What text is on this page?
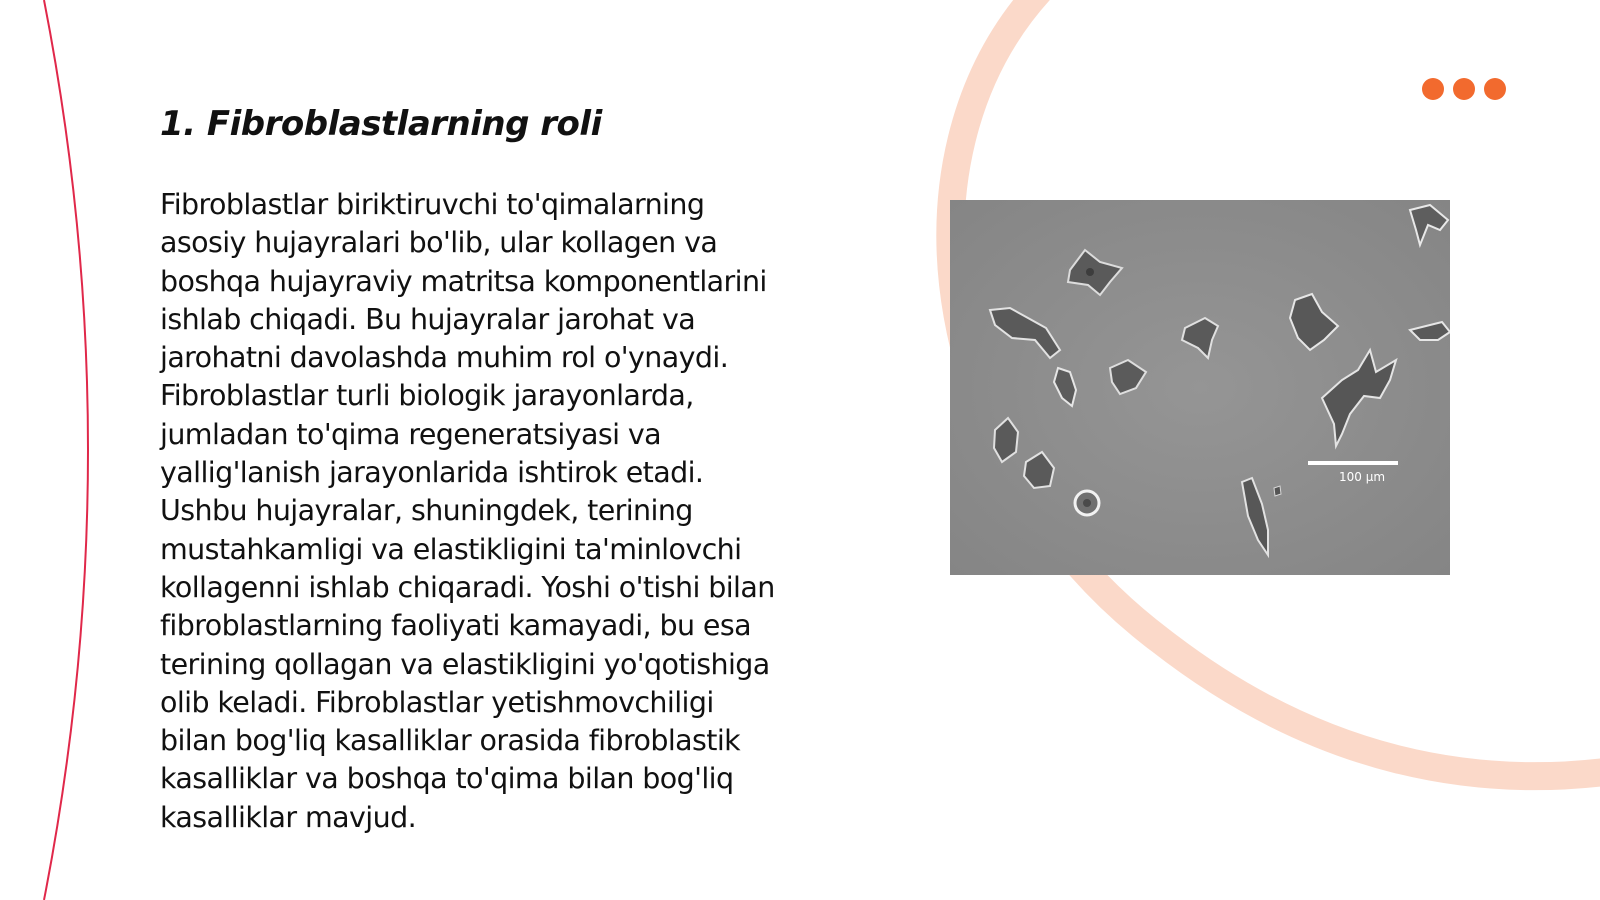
1. Fibroblastlarning roli
Fibroblastlar biriktiruvchi to'qimalarning
asosiy hujayralari bo'lib, ular kollagen va
boshqa hujayraviy matritsa komponentlarini
ishlab chiqadi. Bu hujayralar jarohat va
jarohatni davolashda muhim rol o'ynaydi.
Fibroblastlar turli biologik jarayonlarda,
jumladan to'qima regeneratsiyasi va
yallig'lanish jarayonlarida ishtirok etadi.
Ushbu hujayralar, shuningdek, terining
mustahkamligi va elastikligini ta'minlovchi
kollagenni ishlab chiqaradi. Yoshi o'tishi bilan
fibroblastlarning faoliyati kamayadi, bu esa
terining qollagan va elastikligini yo'qotishiga
olib keladi. Fibroblastlar yetishmovchiligi
bilan bog'liq kasalliklar orasida fibroblastik
kasalliklar va boshqa to'qima bilan bog'liq
kasalliklar mavjud.
100 µm
